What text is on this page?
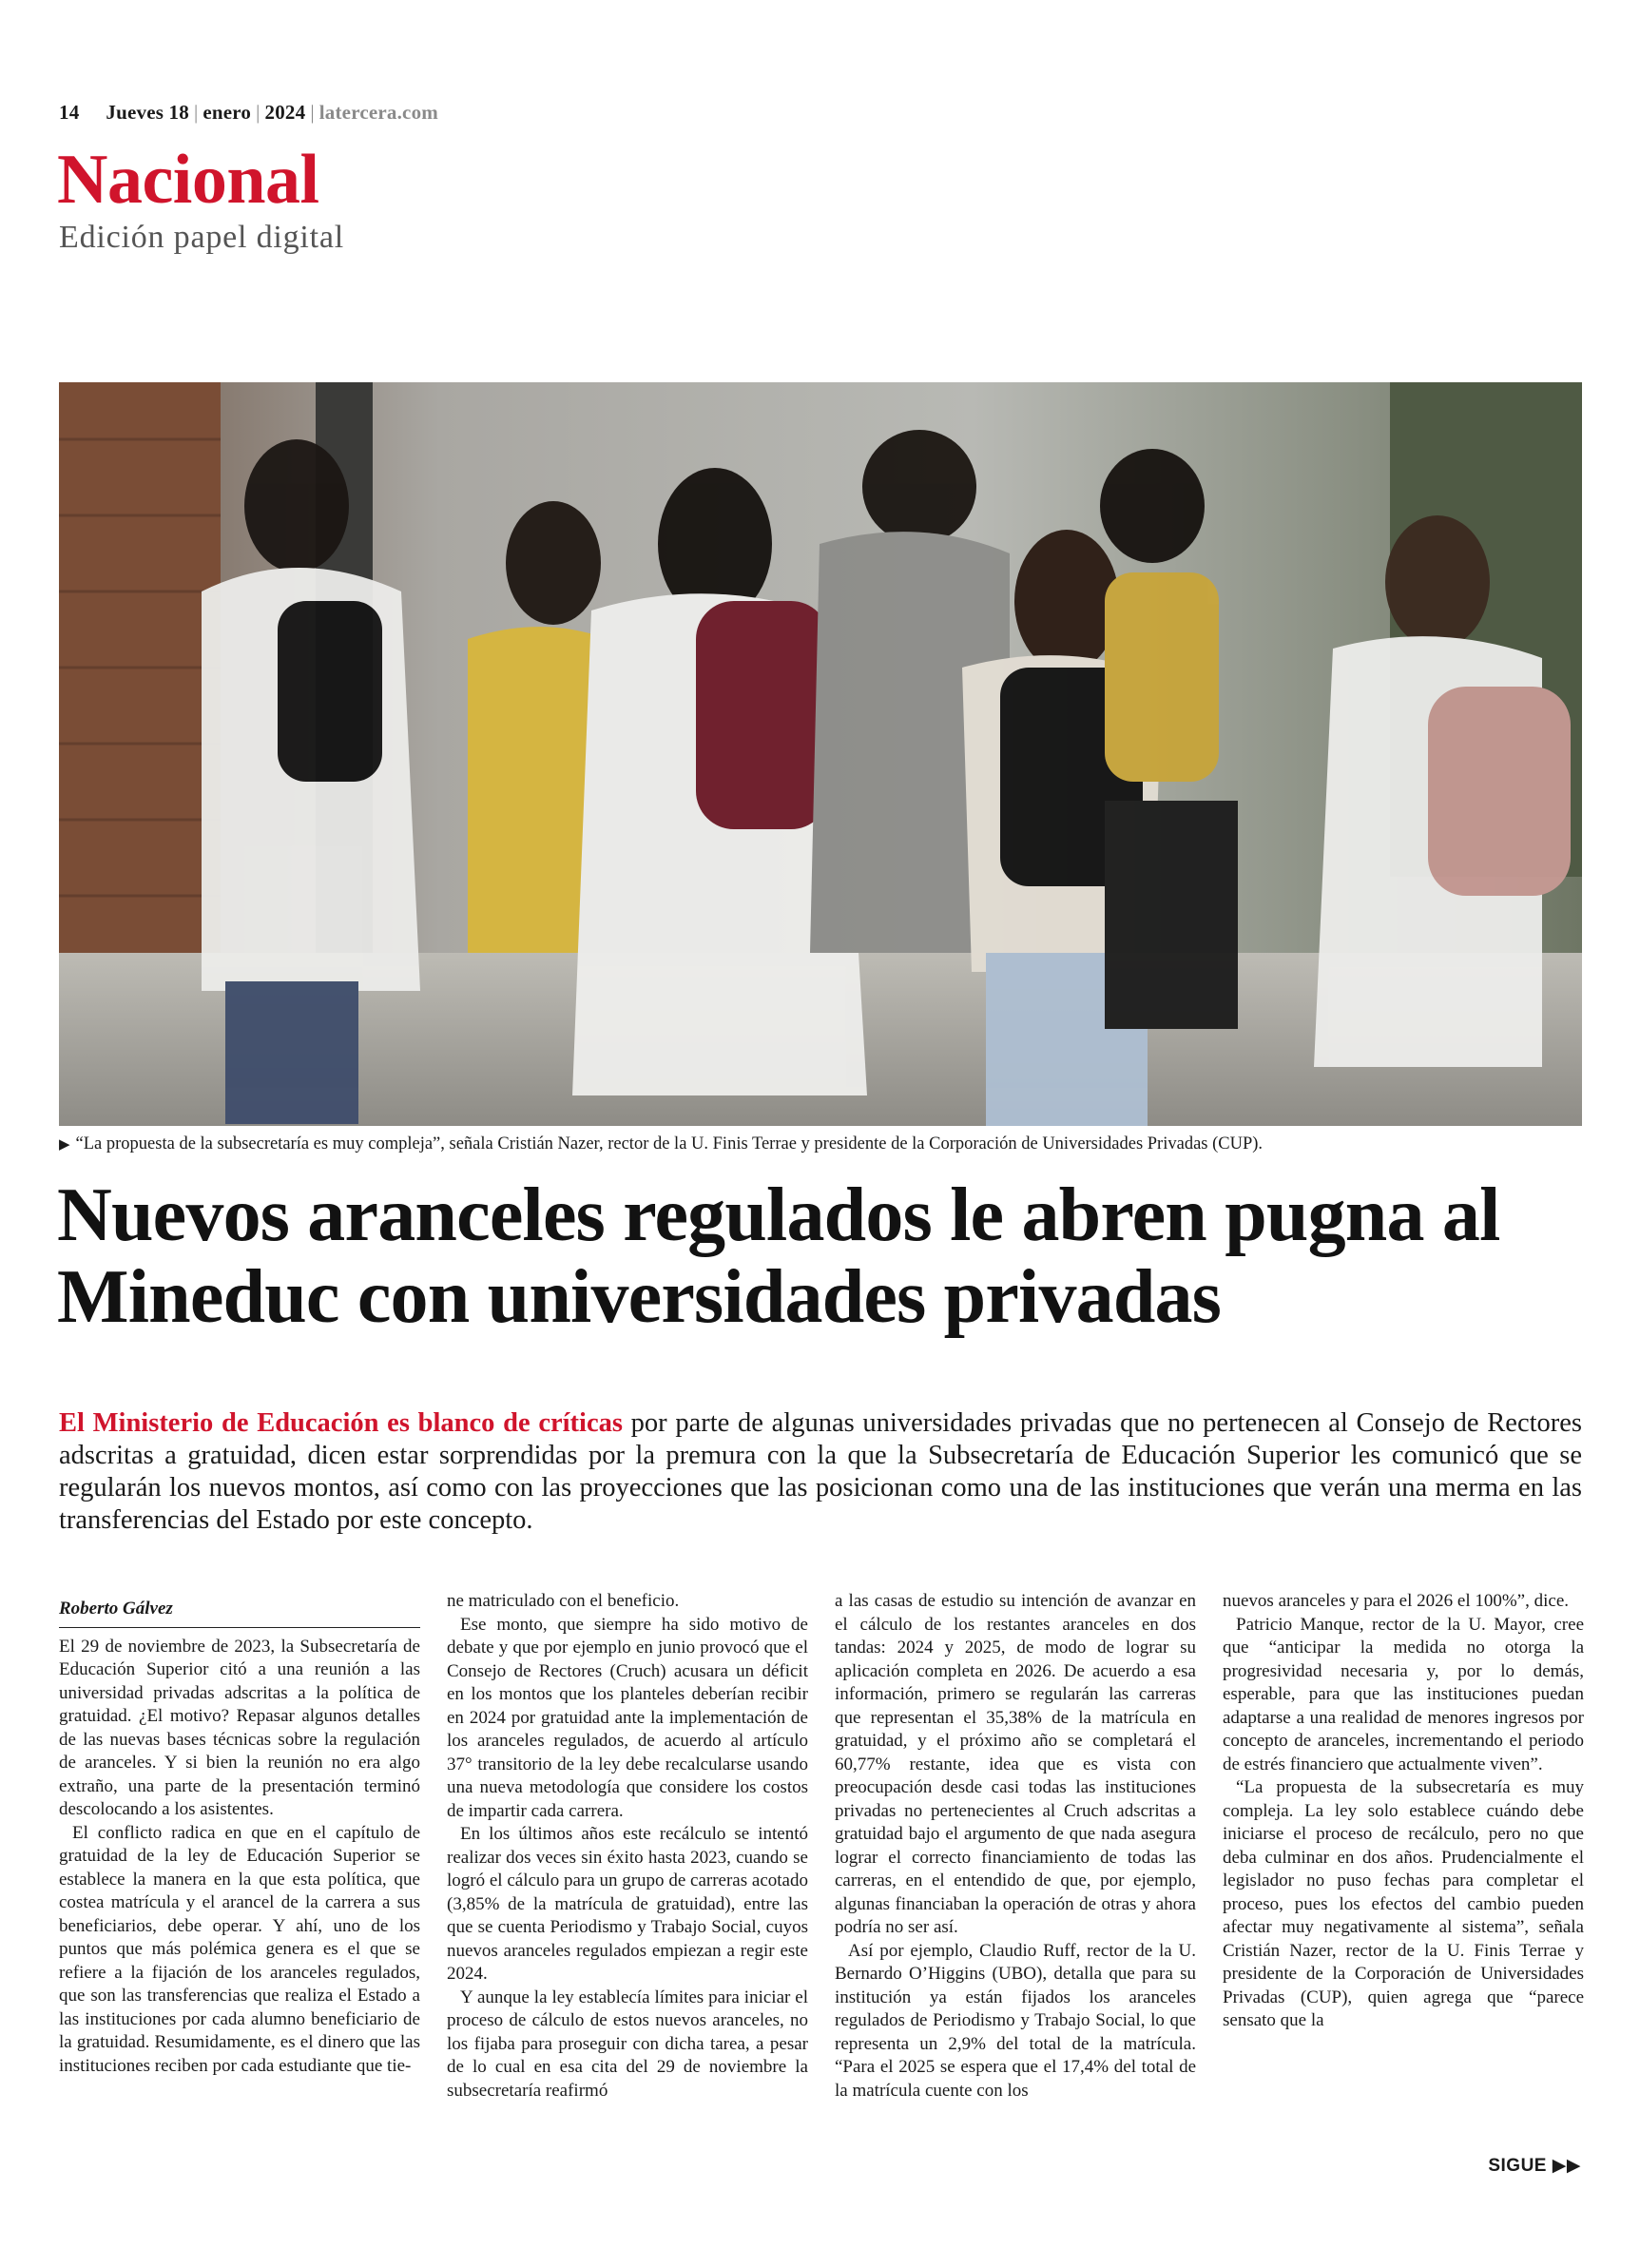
14 Jueves 18 | enero | 2024 | latercera.com
Nacional
Edición papel digital
▶ “La propuesta de la subsecretaría es muy compleja”, señala Cristián Nazer, rector de la U. Finis Terrae y presidente de la Corporación de Universidades Privadas (CUP).
Nuevos aranceles regulados le abren pugna al Mineduc con universidades privadas

El Ministerio de Educación es blanco de críticas por parte de algunas universidades privadas que no pertenecen al Consejo de Rectores adscritas a gratuidad, dicen estar sorprendidas por la premura con la que la Subsecretaría de Educación Superior les comunicó que se regularán los nuevos montos, así como con las proyecciones que las posicionan como una de las instituciones que verán una merma en las transferencias del Estado por este concepto.

Roberto Gálvez

El 29 de noviembre de 2023, la Subsecretaría de Educación Superior citó a una reunión a las universidad privadas adscritas a la política de gratuidad. ¿El motivo? Repasar algunos detalles de las nuevas bases técnicas sobre la regulación de aranceles. Y si bien la reunión no era algo extraño, una parte de la presentación terminó descolocando a los asistentes.

El conflicto radica en que en el capítulo de gratuidad de la ley de Educación Superior se establece la manera en la que esta política, que costea matrícula y el arancel de la carrera a sus beneficiarios, debe operar. Y ahí, uno de los puntos que más polémica genera es el que se refiere a la fijación de los aranceles regulados, que son las transferencias que realiza el Estado a las instituciones por cada alumno beneficiario de la gratuidad. Resumidamente, es el dinero que las instituciones reciben por cada estudiante que tie-

ne matriculado con el beneficio.

Ese monto, que siempre ha sido motivo de debate y que por ejemplo en junio provocó que el Consejo de Rectores (Cruch) acusara un déficit en los montos que los planteles deberían recibir en 2024 por gratuidad ante la implementación de los aranceles regulados, de acuerdo al artículo 37° transitorio de la ley debe recalcularse usando una nueva metodología que considere los costos de impartir cada carrera.

En los últimos años este recálculo se intentó realizar dos veces sin éxito hasta 2023, cuando se logró el cálculo para un grupo de carreras acotado (3,85% de la matrícula de gratuidad), entre las que se cuenta Periodismo y Trabajo Social, cuyos nuevos aranceles regulados empiezan a regir este 2024.

Y aunque la ley establecía límites para iniciar el proceso de cálculo de estos nuevos aranceles, no los fijaba para proseguir con dicha tarea, a pesar de lo cual en esa cita del 29 de noviembre la subsecretaría reafirmó

a las casas de estudio su intención de avanzar en el cálculo de los restantes aranceles en dos tandas: 2024 y 2025, de modo de lograr su aplicación completa en 2026. De acuerdo a esa información, primero se regularán las carreras que representan el 35,38% de la matrícula en gratuidad, y el próximo año se completará el 60,77% restante, idea que es vista con preocupación desde casi todas las instituciones privadas no pertenecientes al Cruch adscritas a gratuidad bajo el argumento de que nada asegura lograr el correcto financiamiento de todas las carreras, en el entendido de que, por ejemplo, algunas financiaban la operación de otras y ahora podría no ser así.

Así por ejemplo, Claudio Ruff, rector de la U. Bernardo O’Higgins (UBO), detalla que para su institución ya están fijados los aranceles regulados de Periodismo y Trabajo Social, lo que representa un 2,9% del total de la matrícula. “Para el 2025 se espera que el 17,4% del total de la matrícula cuente con los

nuevos aranceles y para el 2026 el 100%”, dice.

Patricio Manque, rector de la U. Mayor, cree que “anticipar la medida no otorga la progresividad necesaria y, por lo demás, esperable, para que las instituciones puedan adaptarse a una realidad de menores ingresos por concepto de aranceles, incrementando el periodo de estrés financiero que actualmente viven”.

“La propuesta de la subsecretaría es muy compleja. La ley solo establece cuándo debe iniciarse el proceso de recálculo, pero no que deba culminar en dos años. Prudencialmente el legislador no puso fechas para completar el proceso, pues los efectos del cambio pueden afectar muy negativamente al sistema”, señala Cristián Nazer, rector de la U. Finis Terrae y presidente de la Corporación de Universidades Privadas (CUP), quien agrega que “parece sensato que la

SIGUE ▶▶
